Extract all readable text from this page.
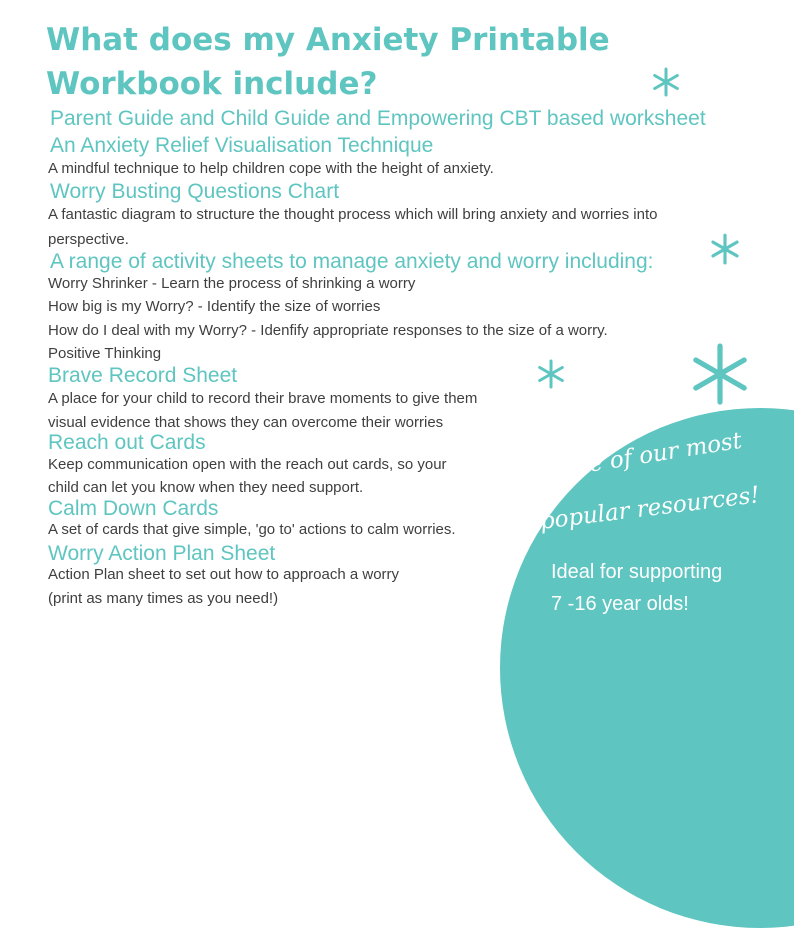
What does my Anxiety Printable
Workbook include?
Parent Guide and Child Guide and Empowering CBT based worksheet
An Anxiety Relief Visualisation Technique
A mindful technique to help children cope with the height of anxiety.
Worry Busting Questions Chart
A fantastic diagram to structure the thought process which will bring anxiety and worries into
perspective.
A range of activity sheets to manage anxiety and worry including:
Worry Shrinker - Learn the process of shrinking a worry
How big is my Worry? - Identify the size of worries
How do I deal with my Worry? - Idenfify appropriate responses to the size of a worry.
Positive Thinking
Brave Record Sheet
A place for your child to record their brave moments to give them
visual evidence that shows they can overcome their worries
Reach out Cards
Keep communication open with the reach out cards, so your
child can let you know when they need support.
Calm Down Cards
A set of cards that give simple, 'go to' actions to calm worries.
Worry Action Plan Sheet
Action Plan sheet to set out how to approach a worry
(print as many times as you need!)
One of our most
popular resources!
Ideal for supporting
7 -16 year olds!
